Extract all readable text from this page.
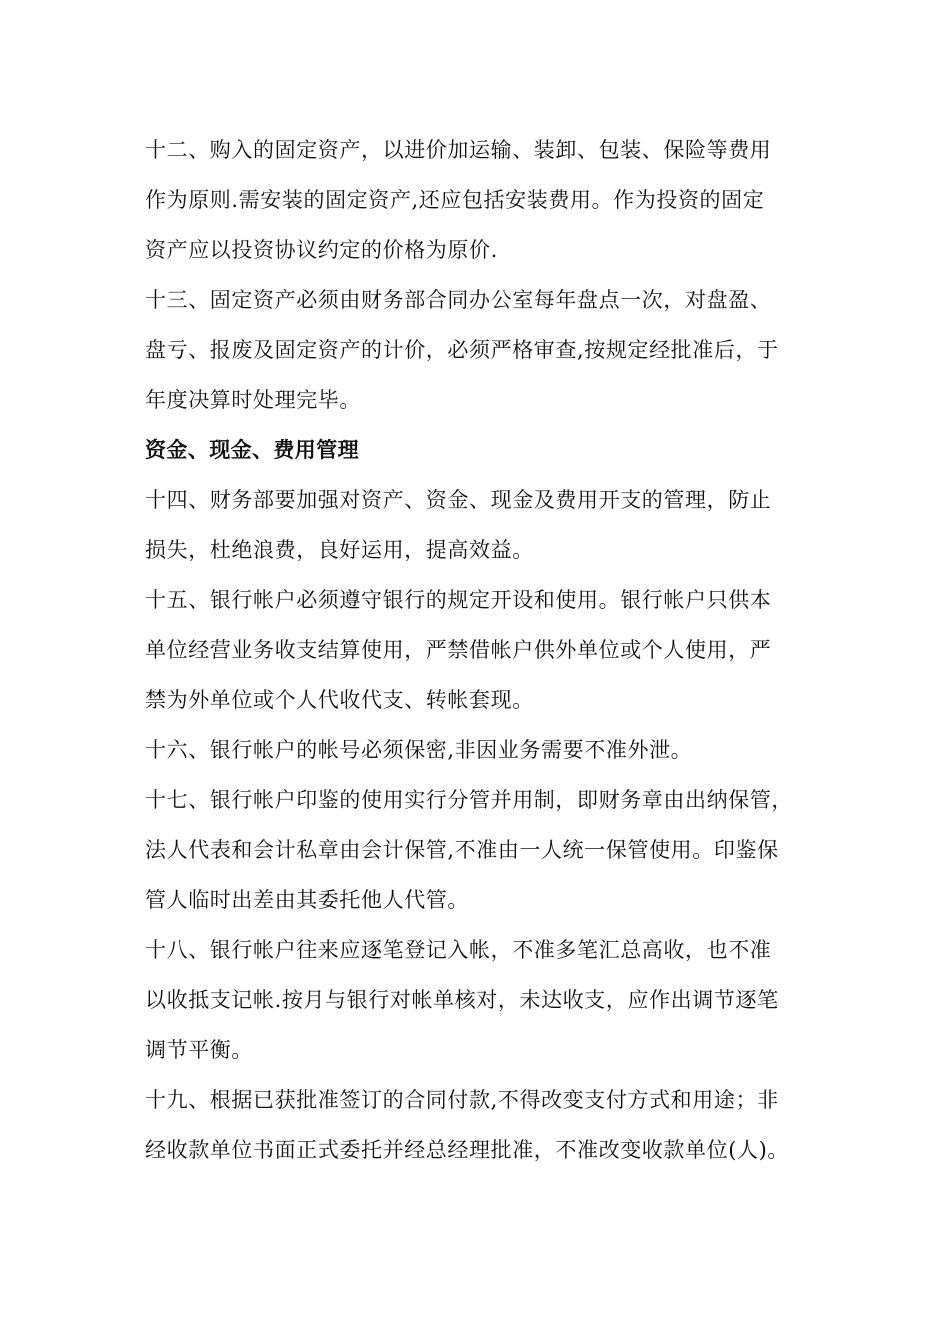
十二、购入的固定资产，以进价加运输、装卸、包装、保险等费用
作为原则.需安装的固定资产,还应包括安装费用。作为投资的固定
资产应以投资协议约定的价格为原价.
十三、固定资产必须由财务部合同办公室每年盘点一次，对盘盈、
盘亏、报废及固定资产的计价，必须严格审查,按规定经批准后，于
年度决算时处理完毕。
资金、现金、费用管理
十四、财务部要加强对资产、资金、现金及费用开支的管理，防止
损失，杜绝浪费，良好运用，提高效益。
十五、银行帐户必须遵守银行的规定开设和使用。银行帐户只供本
单位经营业务收支结算使用，严禁借帐户供外单位或个人使用，严
禁为外单位或个人代收代支、转帐套现。
十六、银行帐户的帐号必须保密,非因业务需要不准外泄。
十七、银行帐户印鉴的使用实行分管并用制，即财务章由出纳保管，
法人代表和会计私章由会计保管,不准由一人统一保管使用。印鉴保
管人临时出差由其委托他人代管。
十八、银行帐户往来应逐笔登记入帐，不准多笔汇总高收，也不准
以收抵支记帐.按月与银行对帐单核对，未达收支，应作出调节逐笔
调节平衡。
十九、根据已获批准签订的合同付款,不得改变支付方式和用途；非
经收款单位书面正式委托并经总经理批准，不准改变收款单位(人)。
